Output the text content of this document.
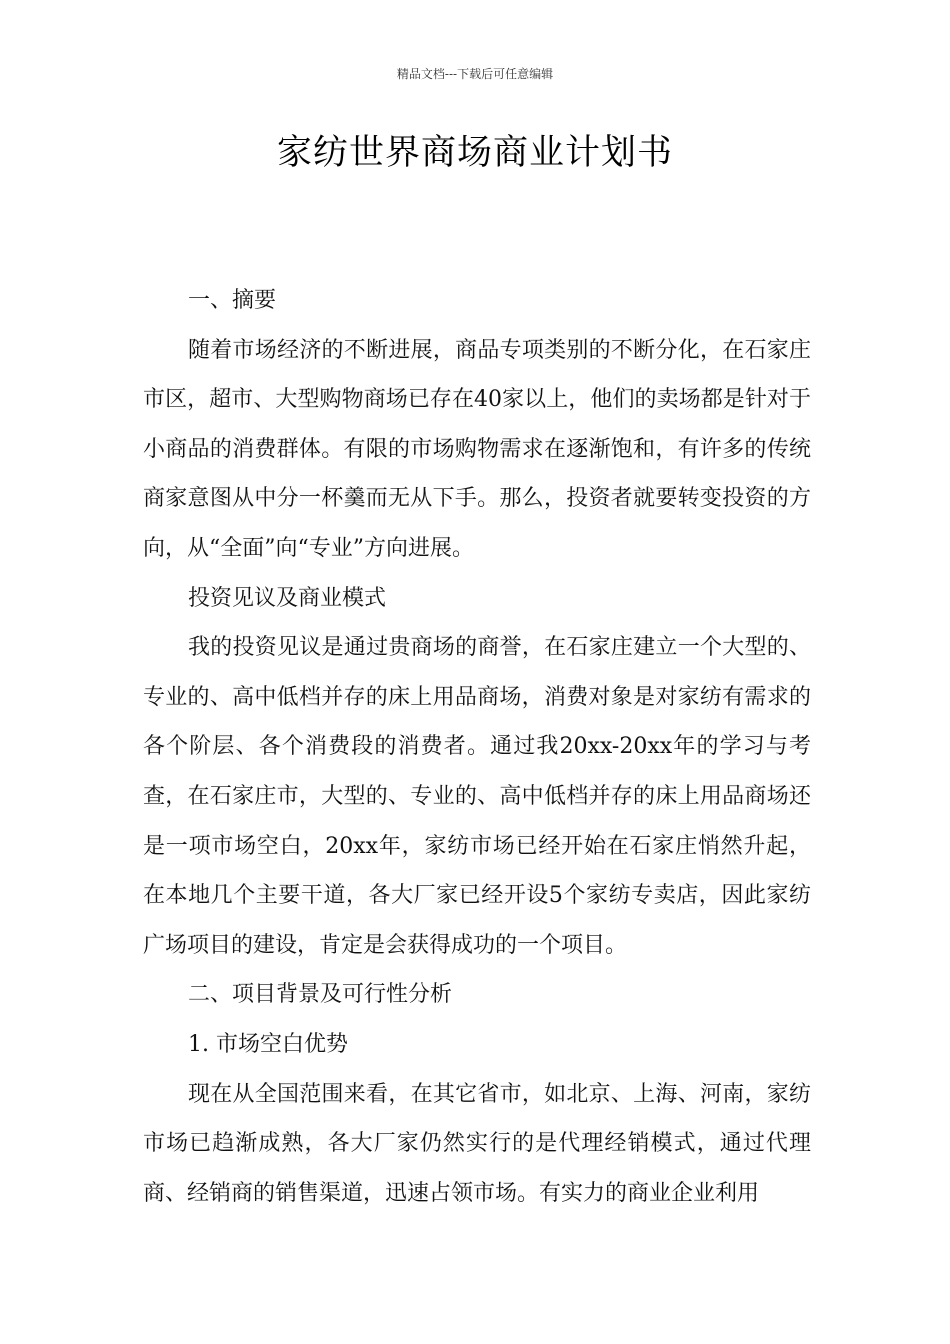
精品文档---下载后可任意编辑
家纺世界商场商业计划书

一、摘要

随着市场经济的不断进展，商品专项类别的不断分化，在石家庄市区，超市、大型购物商场已存在40家以上，他们的卖场都是针对于小商品的消费群体。有限的市场购物需求在逐渐饱和，有许多的传统商家意图从中分一杯羹而无从下手。那么，投资者就要转变投资的方向，从“全面”向“专业”方向进展。

投资见议及商业模式

我的投资见议是通过贵商场的商誉，在石家庄建立一个大型的、专业的、高中低档并存的床上用品商场，消费对象是对家纺有需求的各个阶层、各个消费段的消费者。通过我20xx-20xx年的学习与考查，在石家庄市，大型的、专业的、高中低档并存的床上用品商场还是一项市场空白，20xx年，家纺市场已经开始在石家庄悄然升起，在本地几个主要干道，各大厂家已经开设5个家纺专卖店，因此家纺广场项目的建设，肯定是会获得成功的一个项目。

二、项目背景及可行性分析

1. 市场空白优势

现在从全国范围来看，在其它省市，如北京、上海、河南，家纺市场已趋渐成熟，各大厂家仍然实行的是代理经销模式，通过代理商、经销商的销售渠道，迅速占领市场。有实力的商业企业利用
